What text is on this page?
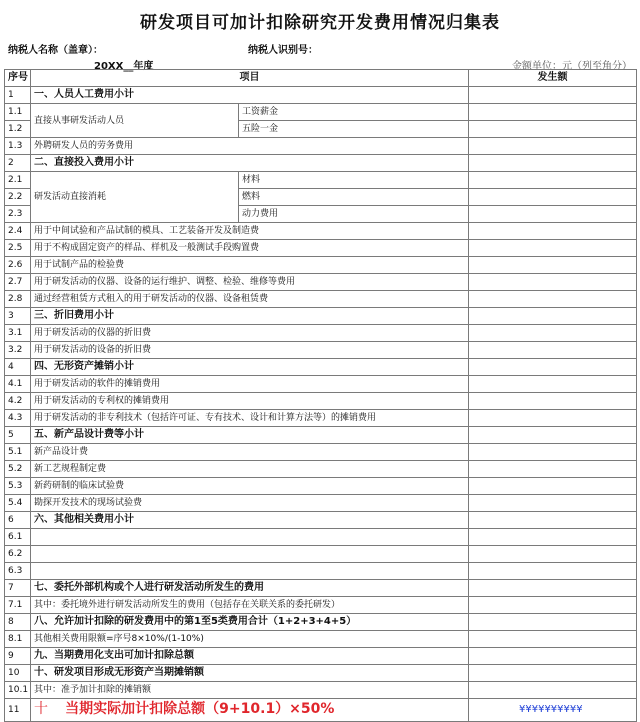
研发项目可加计扣除研究开发费用情况归集表
纳税人名称（盖章）：	纳税人识别号：
20XX__年度	金额单位：元（列至角分）
序号	项目		发生额
1	一、人员人工费用小计		
1.1	直接从事研发活动人员	工资薪金	
1.2		五险一金	
1.3	外聘研发人员的劳务费用		
2	二、直接投入费用小计		
2.1	研发活动直接消耗	材料	
2.2		燃料	
2.3		动力费用	
2.4	用于中间试验和产品试制的模具、工艺装备开发及制造费		
2.5	用于不构成固定资产的样品、样机及一般测试手段购置费		
2.6	用于试制产品的检验费		
2.7	用于研发活动的仪器、设备的运行维护、调整、检验、维修等费用		
2.8	通过经营租赁方式租入的用于研发活动的仪器、设备租赁费		
3	三、折旧费用小计		
3.1	用于研发活动的仪器的折旧费		
3.2	用于研发活动的设备的折旧费		
4	四、无形资产摊销小计		
4.1	用于研发活动的软件的摊销费用		
4.2	用于研发活动的专利权的摊销费用		
4.3	用于研发活动的非专利技术（包括许可证、专有技术、设计和计算方法等）的摊销费用		
5	五、新产品设计费等小计		
5.1	新产品设计费		
5.2	新工艺规程制定费		
5.3	新药研制的临床试验费		
5.4	勘探开发技术的现场试验费		
6	六、其他相关费用小计		
6.1			
6.2			
6.3			
7	七、委托外部机构或个人进行研发活动所发生的费用		
7.1	其中：委托境外进行研发活动所发生的费用（包括存在关联关系的委托研发）		
8	八、允许加计扣除的研发费用中的第1至5类费用合计（1+2+3+4+5）		
8.1	其他相关费用限额=序号8×10%/(1-10%)		
9	九、当期费用化支出可加计扣除总额		
10	十、研发项目形成无形资产当期摊销额		
10.1	其中：准予加计扣除的摊销额		
11	十 当期实际加计扣除总额（9+10.1）×50%		¥¥¥¥¥¥¥¥¥¥
